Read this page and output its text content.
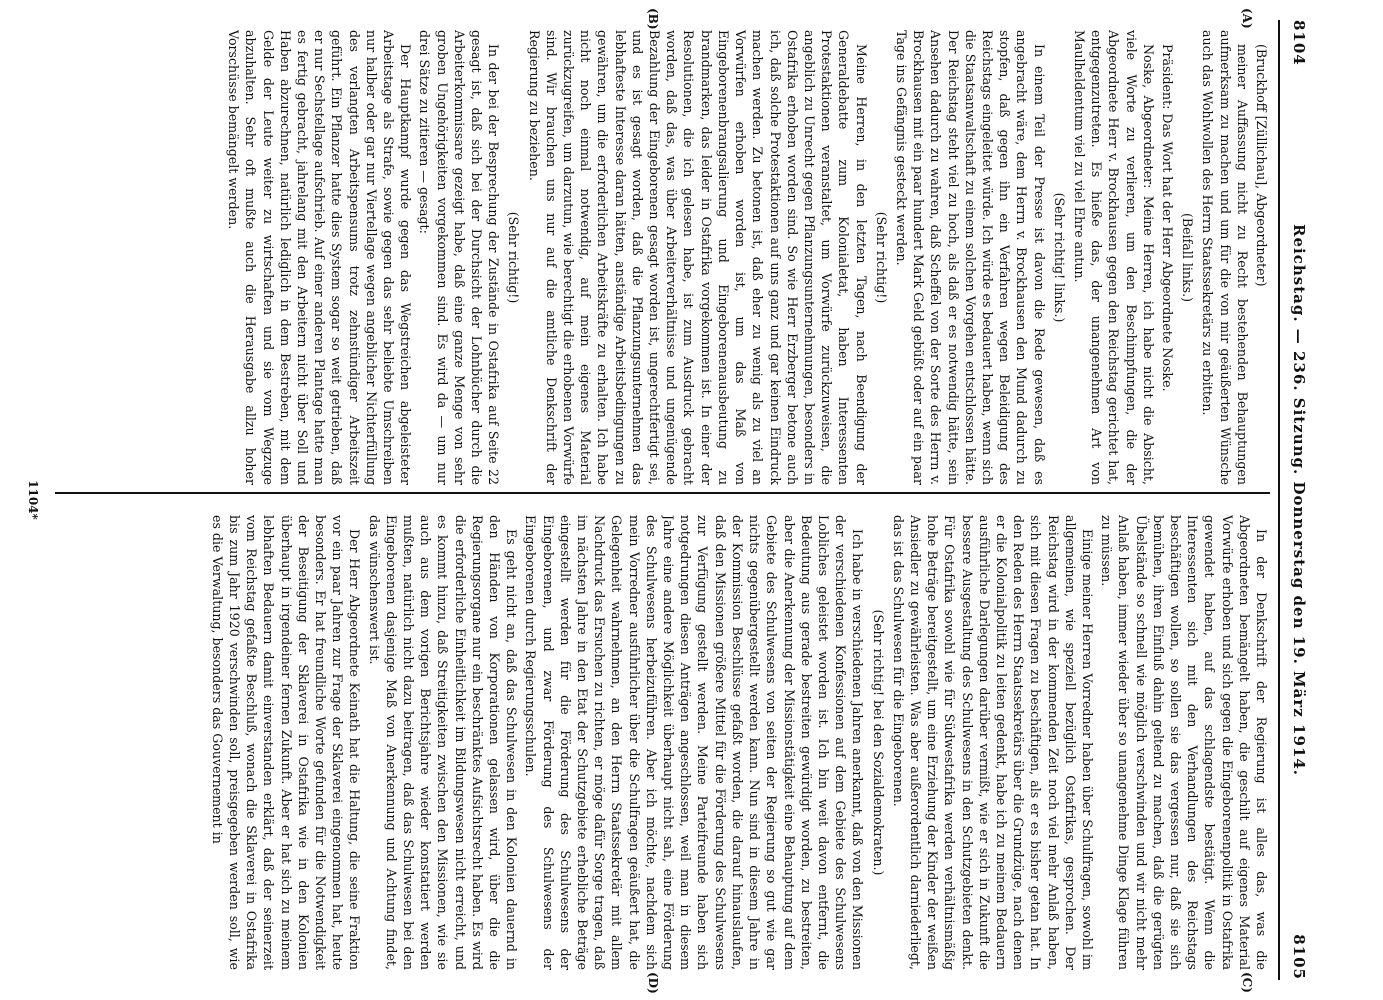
8104
Reichstag. — 236. Sitzung. Donnerstag den 19. März 1914.
8105
(A)
(B)
(C)
(D)

(Bruckhoff [Züllichau], Abgeordneter)

meiner Auffassung nicht zu Recht bestehenden Behauptungen aufmerksam zu machen und um für die von mir geäußerten Wünsche auch das Wohlwollen des Herrn Staatssekretärs zu erbitten.

(Beifall links.)

Präsident: Das Wort hat der Herr Abgeordnete Noske.

Noske, Abgeordneter: Meine Herren, ich habe nicht die Absicht, viele Worte zu verlieren, um den Beschimpfungen, die der Abgeordnete Herr v. Brockhausen gegen den Reichstag gerichtet hat, entgegenzutreten. Es hieße das, der unangenehmen Art von Maulheldentum viel zu viel Ehre antun.

(Sehr richtig! links.)

In einem Teil der Presse ist davon die Rede gewesen, daß es angebracht wäre, dem Herrn v. Brockhausen den Mund dadurch zu stopfen, daß gegen ihn ein Verfahren wegen Beleidigung des Reichstags eingeleitet würde. Ich würde es bedauert haben, wenn sich die Staatsanwaltschaft zu einem solchen Vorgehen entschlossen hätte. Der Reichstag steht viel zu hoch, als daß er es notwendig hätte, sein Ansehen dadurch zu wahren, daß Scheffel von der Sorte des Herrn v. Brockhausen mit ein paar hundert Mark Geld gebüßt oder auf ein paar Tage ins Gefängnis gesteckt werden.

(Sehr richtig!)

Meine Herren, in den letzten Tagen, nach Beendigung der Generaldebatte zum Kolonialetat, haben Interessenten Protestaktionen veranstaltet, um Vorwürfe zurückzuweisen, die angeblich zu Unrecht gegen Pflanzungsunternehmungen, besonders in Ostafrika erhoben worden sind. So wie Herr Erzberger betone auch ich, daß solche Protestaktionen auf uns ganz und gar keinen Eindruck machen werden. Zu betonen ist, daß eher zu wenig als zu viel an Vorwürfen erhoben worden ist, um das Maß von Eingeborenenbrangsalierung und Eingeborenenausbeutung zu brandmarken, das leider in Ostafrika vorgekommen ist. In einer der Resolutionen, die ich gelesen habe, ist zum Ausdruck gebracht worden, daß das, was über Arbeiterverhältnisse und ungenügende Bezahlung der Eingeborenen gesagt worden ist, ungerechtfertigt sei, und es ist gesagt worden, daß die Pflanzungsunternehmen das lebhafteste Interesse daran hätten, anständige Arbeitsbedingungen zu gewähren, um die erforderlichen Arbeitskräfte zu erhalten. Ich habe nicht noch einmal notwendig, auf mein eigenes Material zurückzugreifen, um darzutun, wie berechtigt die erhobenen Vorwürfe sind. Wir brauchen uns nur auf die amtliche Denkschrift der Regierung zu beziehen.

(Sehr richtig!)

In der bei der Besprechung der Zustände in Ostafrika auf Seite 22 gesagt ist, daß sich bei der Durchsicht der Lohnbücher durch die Arbeiterkommissare gezeigt habe, daß eine ganze Menge von sehr groben Ungehörigkeiten vorgekommen sind. Es wird da — um nur drei Sätze zu zitieren — gesagt:

Der Hauptkampf wurde gegen das Wegstreichen abgeleisteter Arbeitstage als Strafe, sowie gegen das sehr beliebte Umschreiben nur halber oder gar nur Viertellage wegen angeblicher Nichterfüllung des verlangten Arbeitspensums trotz zehnstündiger Arbeitszeit geführt. Ein Pflanzer hatte dies System sogar so weit getrieben, daß er nur Sechstellage aufschrieb. Auf einer anderen Plantage hatte man es fertig gebracht, jahrelang mit den Arbeitern nicht über Soll und Haben abzurechnen, natürlich lediglich in dem Bestreben, mit dem Gelde der Leute weiter zu wirtschaften und sie vom Wegzuge abzuhalten. Sehr oft mußte auch die Herausgabe allzu hoher Vorschüsse bemängelt werden.

In der Denkschrift der Regierung ist alles das, was die Abgeordneten bemängelt haben, die geschilt auf eigenes Material Vorwürfe erhoben und sich gegen die Eingeborenenpolitik in Ostafrika gewendet haben, auf das schlagendste bestätigt. Wenn die Interessenten sich mit den Verhandlungen des Reichstags beschäftigen wollen, so sollen sie das vergessen nur, daß sie sich bemühen, ihren Einfluß dahin geltend zu machen, daß die gerügten Übelstände so schnell wie möglich verschwinden und wir nicht mehr Anlaß haben, immer wieder über so unangenehme Dinge Klage führen zu müssen.

Einige meiner Herren Vorredner haben über Schulfragen, sowohl im allgemeinen, wie speziell bezüglich Ostafrikas, gesprochen. Der Reichstag wird in der kommenden Zeit noch viel mehr Anlaß haben, sich mit diesen Fragen zu beschäftigen, als er es bisher getan hat. In den Reden des Herrn Staatssekretärs über die Grundzüge, nach denen er die Kolonialpolitik zu leiten gedenkt, habe ich zu meinem Bedauern ausführliche Darlegungen darüber vermißt, wie er sich in Zukunft die bessere Ausgestaltung des Schulwesens in den Schutzgebieten denkt. Für Ostafrika sowohl wie für Südwestafrika werden verhältnismäßig hohe Beträge bereitgestellt, um eine Erziehung der Kinder der weißen Ansiedler zu gewährleisten. Was aber außerordentlich darniederliegt, das ist das Schulwesen für die Eingeborenen.

(Sehr richtig! bei den Sozialdemokraten.)

Ich habe in verschiedenen Jahren anerkannt, daß von den Missionen der verschiedenen Konfessionen auf dem Gebiete des Schulwesens Lobliches geleistet worden ist. Ich bin weit davon entfernt, die Bedeutung aus gerade bestreiten gewürdigt worden, zu bestreiten, aber die Anerkennung der Missionstätigkeit eine Behauptung auf dem Gebiete des Schulwesens von seiten der Regierung so gut wie gar nichts gegenübergestellt werden kann. Nun sind in diesem Jahre in der Kommission Beschlüsse gefaßt worden, die darauf hinauslaufen, daß den Missionen größere Mittel für die Förderung des Schulwesens zur Verfügung gestellt werden. Meine Parteifreunde haben sich notgedrungen diesen Anträgen angeschlossen, weil man in diesem Jahre eine andere Möglichkeit überhaupt nicht sah, eine Förderung des Schulwesens herbeizuführen. Aber ich möchte, nachdem sich mein Vorredner ausführlicher über die Schulfragen geäußert hat, die Gelegenheit wahrnehmen, an den Herrn Staatssekretär mit allem Nachdruck das Ersuchen zu richten, er möge dafür Sorge tragen, daß im nächsten Jahre in den Etat der Schutzgebiete erhebliche Beträge eingestellt werden für die Förderung des Schulwesens der Eingeborenen, und zwar Förderung des Schulwesens der Eingeborenen durch Regierungsschulen.

Es geht nicht an, daß das Schulwesen in den Kolonien dauernd in den Händen von Korporationen gelassen wird, über die die Regierungsorgane nur ein beschränktes Aufsichtsrecht haben. Es wird die erforderliche Einheitlichkeit im Bildungswesen nicht erreicht, und es kommt hinzu, daß Streitigkeiten zwischen den Missionen, wie sie auch aus dem vorigen Berichtsjahre wieder konstatiert werden mußten, natürlich nicht dazu beitragen, daß das Schulwesen bei den Eingeborenen dasjenige Maß von Anerkennung und Achtung findet, das wünschenswert ist.

Der Herr Abgeordnete Keinath hat die Haltung, die seine Fraktion vor ein paar Jahren zur Frage der Sklaverei eingenommen hat, heute besonders. Er hat freundliche Worte gefunden für die Notwendigkeit der Beseitigung der Sklaverei in Ostafrika wie in den Kolonien überhaupt in irgendeiner fernen Zukunft. Aber er hat sich zu meinem lebhaften Bedauern damit einverstanden erklärt, daß der seinerzeit vom Reichstag gefaßte Beschluß, wonach die Sklaverei in Ostafrika bis zum Jahr 1920 verschwinden soll, preisgegeben werden soll, wie es die Verwaltung, besonders das Gouvernement in

1104*
